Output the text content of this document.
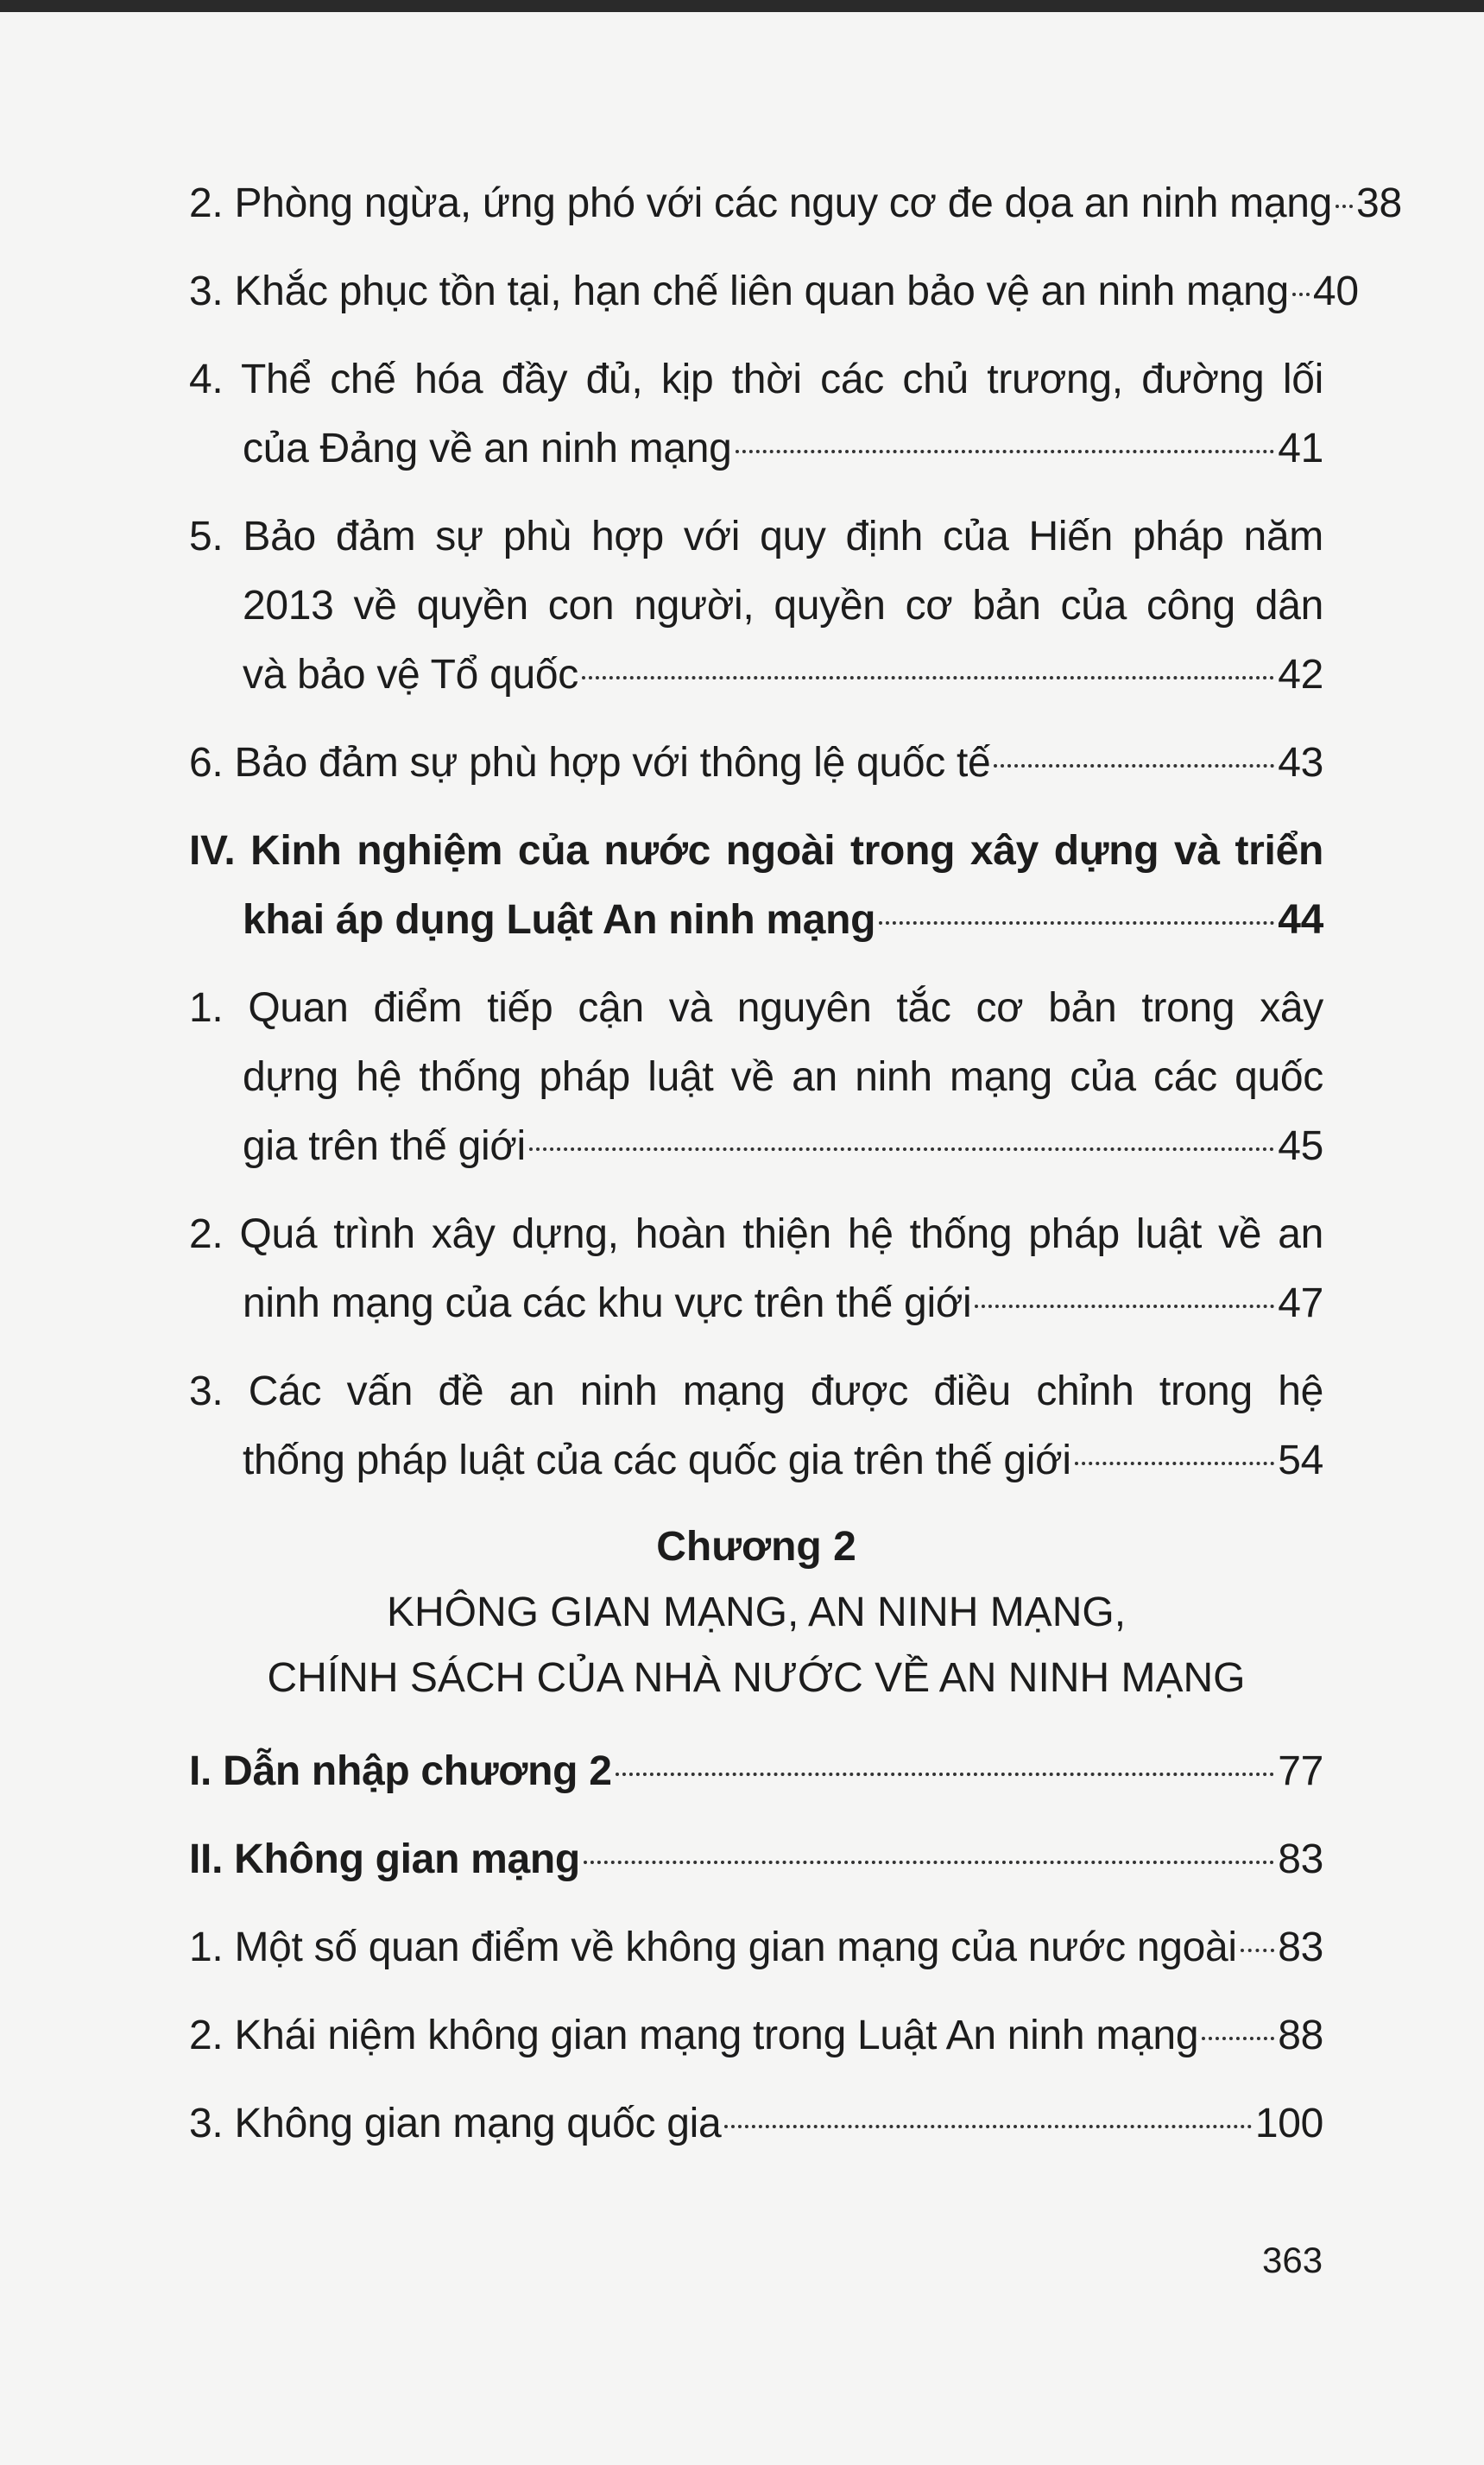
2. Phòng ngừa, ứng phó với các nguy cơ đe dọa an ninh mạng 38
3. Khắc phục tồn tại, hạn chế liên quan bảo vệ an ninh mạng 40
4. Thể chế hóa đầy đủ, kịp thời các chủ trương, đường lối
của Đảng về an ninh mạng	41
5. Bảo đảm sự phù hợp với quy định của Hiến pháp năm
2013 về quyền con người, quyền cơ bản của công dân
và bảo vệ Tổ quốc	42
6. Bảo đảm sự phù hợp với thông lệ quốc tế	43
IV. Kinh nghiệm của nước ngoài trong xây dựng và triển
khai áp dụng Luật An ninh mạng	44
1. Quan điểm tiếp cận và nguyên tắc cơ bản trong xây
dựng hệ thống pháp luật về an ninh mạng của các quốc
gia trên thế giới	45
2. Quá trình xây dựng, hoàn thiện hệ thống pháp luật về an
ninh mạng của các khu vực trên thế giới	47
3. Các vấn đề an ninh mạng được điều chỉnh trong hệ
thống pháp luật của các quốc gia trên thế giới	54
Chương 2
KHÔNG GIAN MẠNG, AN NINH MẠNG,
CHÍNH SÁCH CỦA NHÀ NƯỚC VỀ AN NINH MẠNG
I. Dẫn nhập chương 2	77
II. Không gian mạng	83
1. Một số quan điểm về không gian mạng của nước ngoài 83
2. Khái niệm không gian mạng trong Luật An ninh mạng 88
3. Không gian mạng quốc gia	100
363
